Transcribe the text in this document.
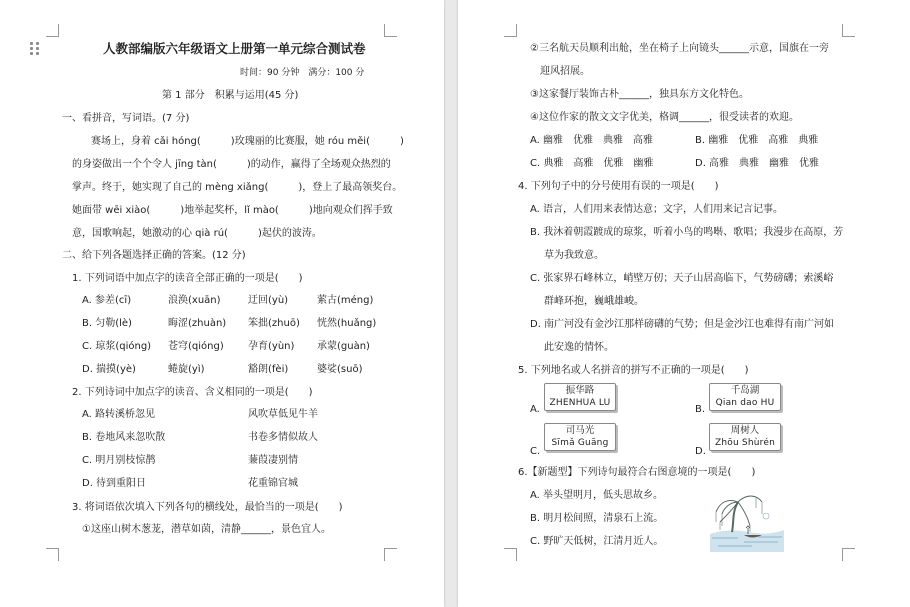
人教部编版六年级语文上册第一单元综合测试卷
时间：90 分钟　满分：100 分
第 1 部分　积累与运用(45 分)
一、看拼音，写词语。(7 分)
赛场上，身着 cǎi hóng(　　　)玫瑰丽的比赛服，她 róu měi(　　　)
的身姿做出一个个令人 jīng tàn(　　　)的动作，赢得了全场观众热烈的
掌声。终于，她实现了自己的 mèng xiǎng(　　　)，登上了最高领奖台。
她面带 wēi xiào(　　　)地举起奖杯，lǐ mào(　　　)地向观众们挥手致
意，国歌响起，她激动的心 qià rú(　　　)起伏的波涛。
二、给下列各题选择正确的答案。(12 分)
1. 下列词语中加点字的读音全部正确的一项是(　　)
A. 参差(cī)	浪涣(xuān)	迂回(yù)	萦古(méng)
B. 匀勒(lè)	晦涩(zhuàn) 笨拙(zhuō) 恍然(huǎng)
C. 琼浆(qióng) 苍穹(qióng) 孕育(yùn) 承蒙(guàn)
D. 揣摸(yè)	蜷旋(yì)	豁朗(fèi)	婆娑(suō)
2. 下列诗词中加点字的读音、含义相同的一项是(　　)
A. 路转溪桥忽见	风吹草低见牛羊
B. 卷地风来忽吹散	书卷多情似故人
C. 明月别枝惊鹊	蒹葭凄别情
D. 待到重阳日	花重锦官城
3. 将词语依次填入下列各句的横线处，最恰当的一项是(　　)
①这座山树木葱茏，潜草如茵，清静______，景色宜人。
②三名航天员顺利出舱，坐在椅子上向镜头______示意，国旗在一旁
迎风招展。
③这家餐厅装饰古朴______，独具东方文化特色。
④这位作家的散文文字优美，格调______，很受读者的欢迎。
A. 幽雅　优雅　典雅　高雅	B. 幽雅　优雅　高雅　典雅
C. 典雅　高雅　优雅　幽雅	D. 高雅　典雅　幽雅　优雅
4. 下列句子中的分号使用有误的一项是(　　)
A. 语言，人们用来表情达意；文字，人们用来记言记事。
B. 我沐着朝霞踱成的琼浆，听着小鸟的鸣啭、歌唱；我漫步在高原，芳
草为我致意。
C. 张家界石峰林立，峭壁万仞；天子山居高临下，气势磅礴；索溪峪
群峰环抱，巍峨雄峻。
D. 南广河没有金沙江那样磅礴的气势；但是金沙江也难得有南广河如
此安逸的情怀。
5. 下列地名或人名拼音的拼写不正确的一项是(　　)
A.
振华路
ZHENHUA LU
B.
千岛湖
Qian dao HU
C.
司马光
Sīmǎ Guāng
D.
周树人
Zhōu Shùrén
6.【新题型】下列诗句最符合右图意境的一项是(　　)
A. 举头望明月，低头思故乡。
B. 明月松间照，清泉石上流。
C. 野旷天低树，江清月近人。
